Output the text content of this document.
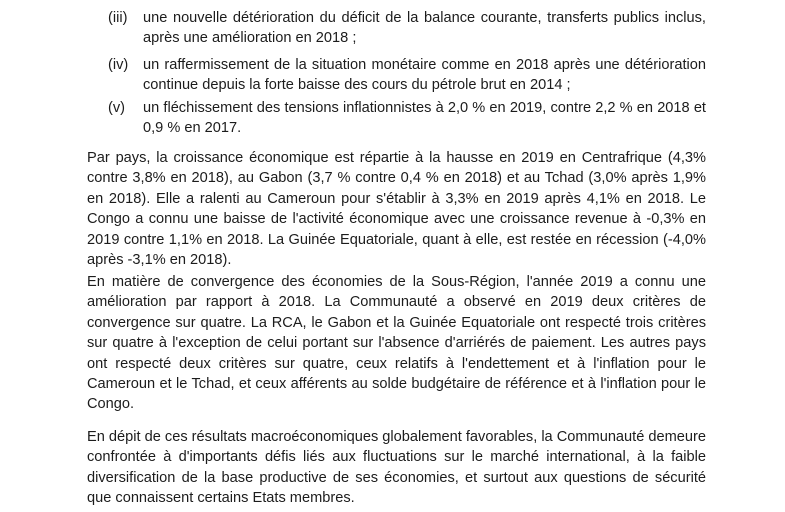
(iii)	une nouvelle détérioration du déficit de la balance courante, transferts publics inclus, après une amélioration en 2018 ;
(iv)	un raffermissement de la situation monétaire comme en 2018 après une détérioration continue depuis la forte baisse des cours du pétrole brut en 2014 ;
(v)	un fléchissement des tensions inflationnistes à 2,0 % en 2019, contre 2,2 % en 2018 et 0,9 % en 2017.

Par pays, la croissance économique est répartie à la hausse en 2019 en Centrafrique (4,3% contre 3,8% en 2018), au Gabon (3,7 % contre 0,4 % en 2018) et au Tchad (3,0% après 1,9% en 2018). Elle a ralenti au Cameroun pour s'établir à 3,3% en 2019 après 4,1% en 2018. Le Congo a connu une baisse de l'activité économique avec une croissance revenue à -0,3% en 2019 contre 1,1% en 2018. La Guinée Equatoriale, quant à elle, est restée en récession (-4,0% après -3,1% en 2018).

En matière de convergence des économies de la Sous-Région, l'année 2019 a connu une amélioration par rapport à 2018. La Communauté a observé en 2019 deux critères de convergence sur quatre. La RCA, le Gabon et la Guinée Equatoriale ont respecté trois critères sur quatre à l'exception de celui portant sur l'absence d'arriérés de paiement. Les autres pays ont respecté deux critères sur quatre, ceux relatifs à l'endettement et à l'inflation pour le Cameroun et le Tchad, et ceux afférents au solde budgétaire de référence et à l'inflation pour le Congo.

En dépit de ces résultats macroéconomiques globalement favorables, la Communauté demeure confrontée à d'importants défis liés aux fluctuations sur le marché international, à la faible diversification de la base productive de ses économies, et surtout aux questions de sécurité que connaissent certains Etats membres.
